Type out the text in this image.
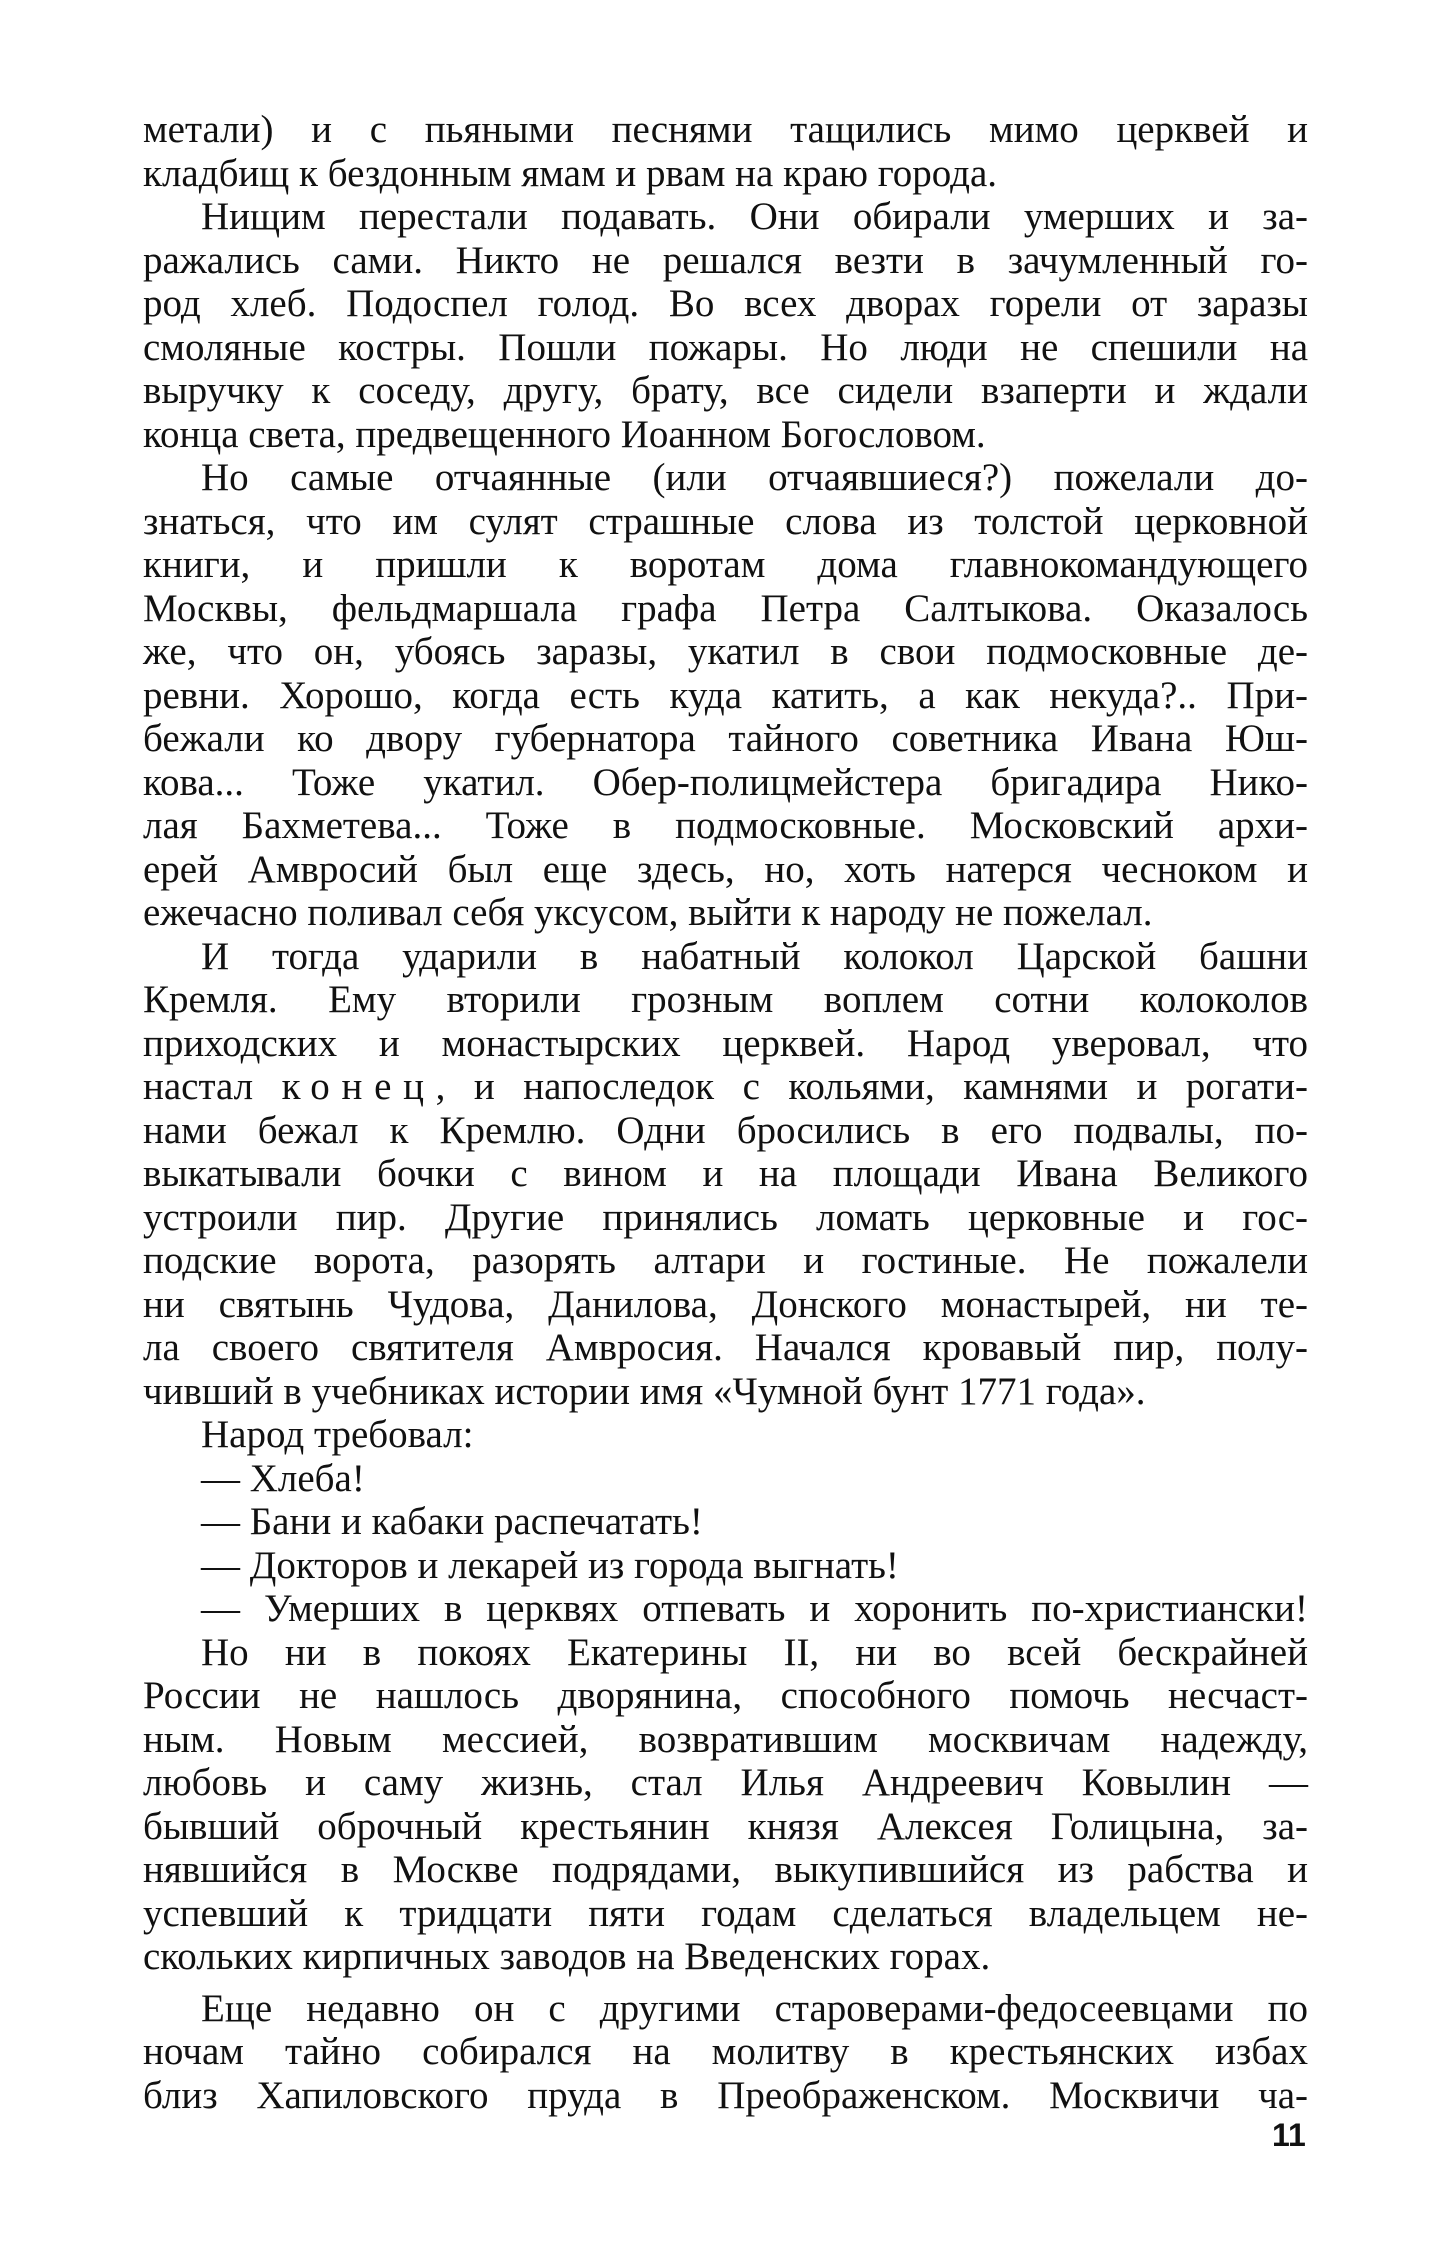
метали) и с пьяными песнями тащились мимо церквей и
кладбищ к бездонным ямам и рвам на краю города.
Нищим перестали подавать. Они обирали умерших и за-
ражались сами. Никто не решался везти в зачумленный го-
род хлеб. Подоспел голод. Во всех дворах горели от заразы
смоляные костры. Пошли пожары. Но люди не спешили на
выручку к соседу, другу, брату, все сидели взаперти и ждали
конца света, предвещенного Иоанном Богословом.
Но самые отчаянные (или отчаявшиеся?) пожелали до-
знаться, что им сулят страшные слова из толстой церковной
книги, и пришли к воротам дома главнокомандующего
Москвы, фельдмаршала графа Петра Салтыкова. Оказалось
же, что он, убоясь заразы, укатил в свои подмосковные де-
ревни. Хорошо, когда есть куда катить, а как некуда?.. При-
бежали ко двору губернатора тайного советника Ивана Юш-
кова... Тоже укатил. Обер-полицмейстера бригадира Нико-
лая Бахметева... Тоже в подмосковные. Московский архи-
ерей Амвросий был еще здесь, но, хоть натерся чесноком и
ежечасно поливал себя уксусом, выйти к народу не пожелал.
И тогда ударили в набатный колокол Царской башни
Кремля. Ему вторили грозным воплем сотни колоколов
приходских и монастырских церквей. Народ уверовал, что
настал конец, и напоследок с кольями, камнями и рогати-
нами бежал к Кремлю. Одни бросились в его подвалы, по-
выкатывали бочки с вином и на площади Ивана Великого
устроили пир. Другие принялись ломать церковные и гос-
подские ворота, разорять алтари и гостиные. Не пожалели
ни святынь Чудова, Данилова, Донского монастырей, ни те-
ла своего святителя Амвросия. Начался кровавый пир, полу-
чивший в учебниках истории имя «Чумной бунт 1771 года».
Народ требовал:
— Хлеба!
— Бани и кабаки распечатать!
— Докторов и лекарей из города выгнать!
— Умерших в церквях отпевать и хоронить по-христиански!
Но ни в покоях Екатерины II, ни во всей бескрайней
России не нашлось дворянина, способного помочь несчаст-
ным. Новым мессией, возвратившим москвичам надежду,
любовь и саму жизнь, стал Илья Андреевич Ковылин —
бывший оброчный крестьянин князя Алексея Голицына, за-
нявшийся в Москве подрядами, выкупившийся из рабства и
успевший к тридцати пяти годам сделаться владельцем не-
скольких кирпичных заводов на Введенских горах.
Еще недавно он с другими староверами-федосеевцами по
ночам тайно собирался на молитву в крестьянских избах
близ Хапиловского пруда в Преображенском. Москвичи ча-
11
